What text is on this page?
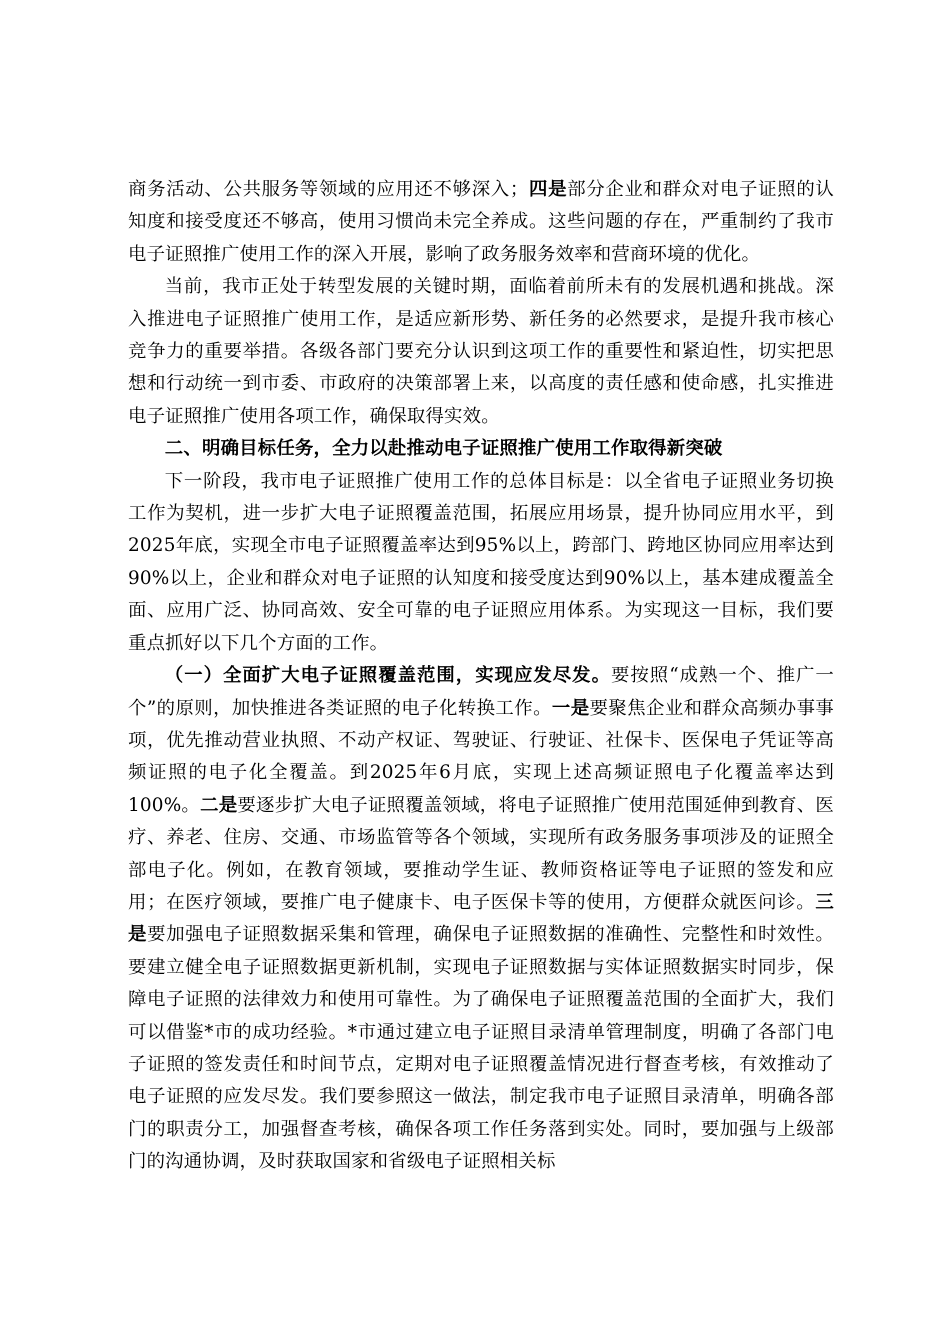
商务活动、公共服务等领域的应用还不够深入；四是部分企业和群众对电子证照的认知度和接受度还不够高，使用习惯尚未完全养成。这些问题的存在，严重制约了我市电子证照推广使用工作的深入开展，影响了政务服务效率和营商环境的优化。

当前，我市正处于转型发展的关键时期，面临着前所未有的发展机遇和挑战。深入推进电子证照推广使用工作，是适应新形势、新任务的必然要求，是提升我市核心竞争力的重要举措。各级各部门要充分认识到这项工作的重要性和紧迫性，切实把思想和行动统一到市委、市政府的决策部署上来，以高度的责任感和使命感，扎实推进电子证照推广使用各项工作，确保取得实效。

二、明确目标任务，全力以赴推动电子证照推广使用工作取得新突破

下一阶段，我市电子证照推广使用工作的总体目标是：以全省电子证照业务切换工作为契机，进一步扩大电子证照覆盖范围，拓展应用场景，提升协同应用水平，到2025年底，实现全市电子证照覆盖率达到95%以上，跨部门、跨地区协同应用率达到90%以上，企业和群众对电子证照的认知度和接受度达到90%以上，基本建成覆盖全面、应用广泛、协同高效、安全可靠的电子证照应用体系。为实现这一目标，我们要重点抓好以下几个方面的工作。

（一）全面扩大电子证照覆盖范围，实现应发尽发。要按照“成熟一个、推广一个”的原则，加快推进各类证照的电子化转换工作。一是要聚焦企业和群众高频办事事项，优先推动营业执照、不动产权证、驾驶证、行驶证、社保卡、医保电子凭证等高频证照的电子化全覆盖。到2025年6月底，实现上述高频证照电子化覆盖率达到100%。二是要逐步扩大电子证照覆盖领域，将电子证照推广使用范围延伸到教育、医疗、养老、住房、交通、市场监管等各个领域，实现所有政务服务事项涉及的证照全部电子化。例如，在教育领域，要推动学生证、教师资格证等电子证照的签发和应用；在医疗领域，要推广电子健康卡、电子医保卡等的使用，方便群众就医问诊。三是要加强电子证照数据采集和管理，确保电子证照数据的准确性、完整性和时效性。要建立健全电子证照数据更新机制，实现电子证照数据与实体证照数据实时同步，保障电子证照的法律效力和使用可靠性。为了确保电子证照覆盖范围的全面扩大，我们可以借鉴*市的成功经验。*市通过建立电子证照目录清单管理制度，明确了各部门电子证照的签发责任和时间节点，定期对电子证照覆盖情况进行督查考核，有效推动了电子证照的应发尽发。我们要参照这一做法，制定我市电子证照目录清单，明确各部门的职责分工，加强督查考核，确保各项工作任务落到实处。同时，要加强与上级部门的沟通协调，及时获取国家和省级电子证照相关标
